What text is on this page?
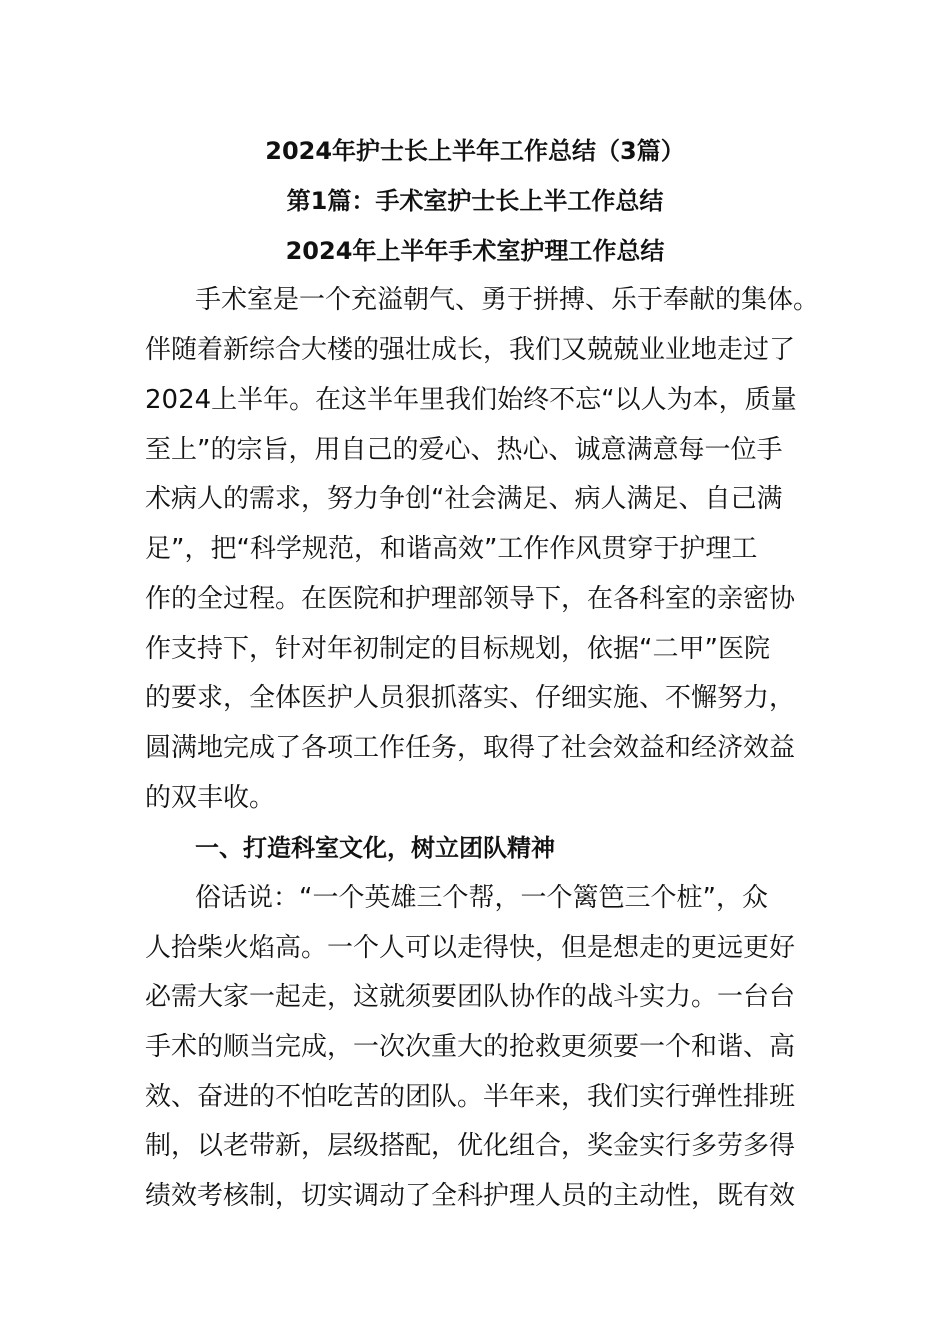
2024年护士长上半年工作总结（3篇）
第1篇：手术室护士长上半工作总结
2024年上半年手术室护理工作总结
手术室是一个充溢朝气、勇于拼搏、乐于奉献的集体。
伴随着新综合大楼的强壮成长，我们又兢兢业业地走过了
2024上半年。在这半年里我们始终不忘“以人为本，质量
至上”的宗旨，用自己的爱心、热心、诚意满意每一位手
术病人的需求，努力争创“社会满足、病人满足、自己满
足”，把“科学规范，和谐高效”工作作风贯穿于护理工
作的全过程。在医院和护理部领导下，在各科室的亲密协
作支持下，针对年初制定的目标规划，依据“二甲”医院
的要求，全体医护人员狠抓落实、仔细实施、不懈努力，
圆满地完成了各项工作任务，取得了社会效益和经济效益
的双丰收。
一、打造科室文化，树立团队精神
俗话说：“一个英雄三个帮，一个篱笆三个桩”，众
人拾柴火焰高。一个人可以走得快，但是想走的更远更好
必需大家一起走，这就须要团队协作的战斗实力。一台台
手术的顺当完成，一次次重大的抢救更须要一个和谐、高
效、奋进的不怕吃苦的团队。半年来，我们实行弹性排班
制，以老带新，层级搭配，优化组合，奖金实行多劳多得
绩效考核制，切实调动了全科护理人员的主动性，既有效
